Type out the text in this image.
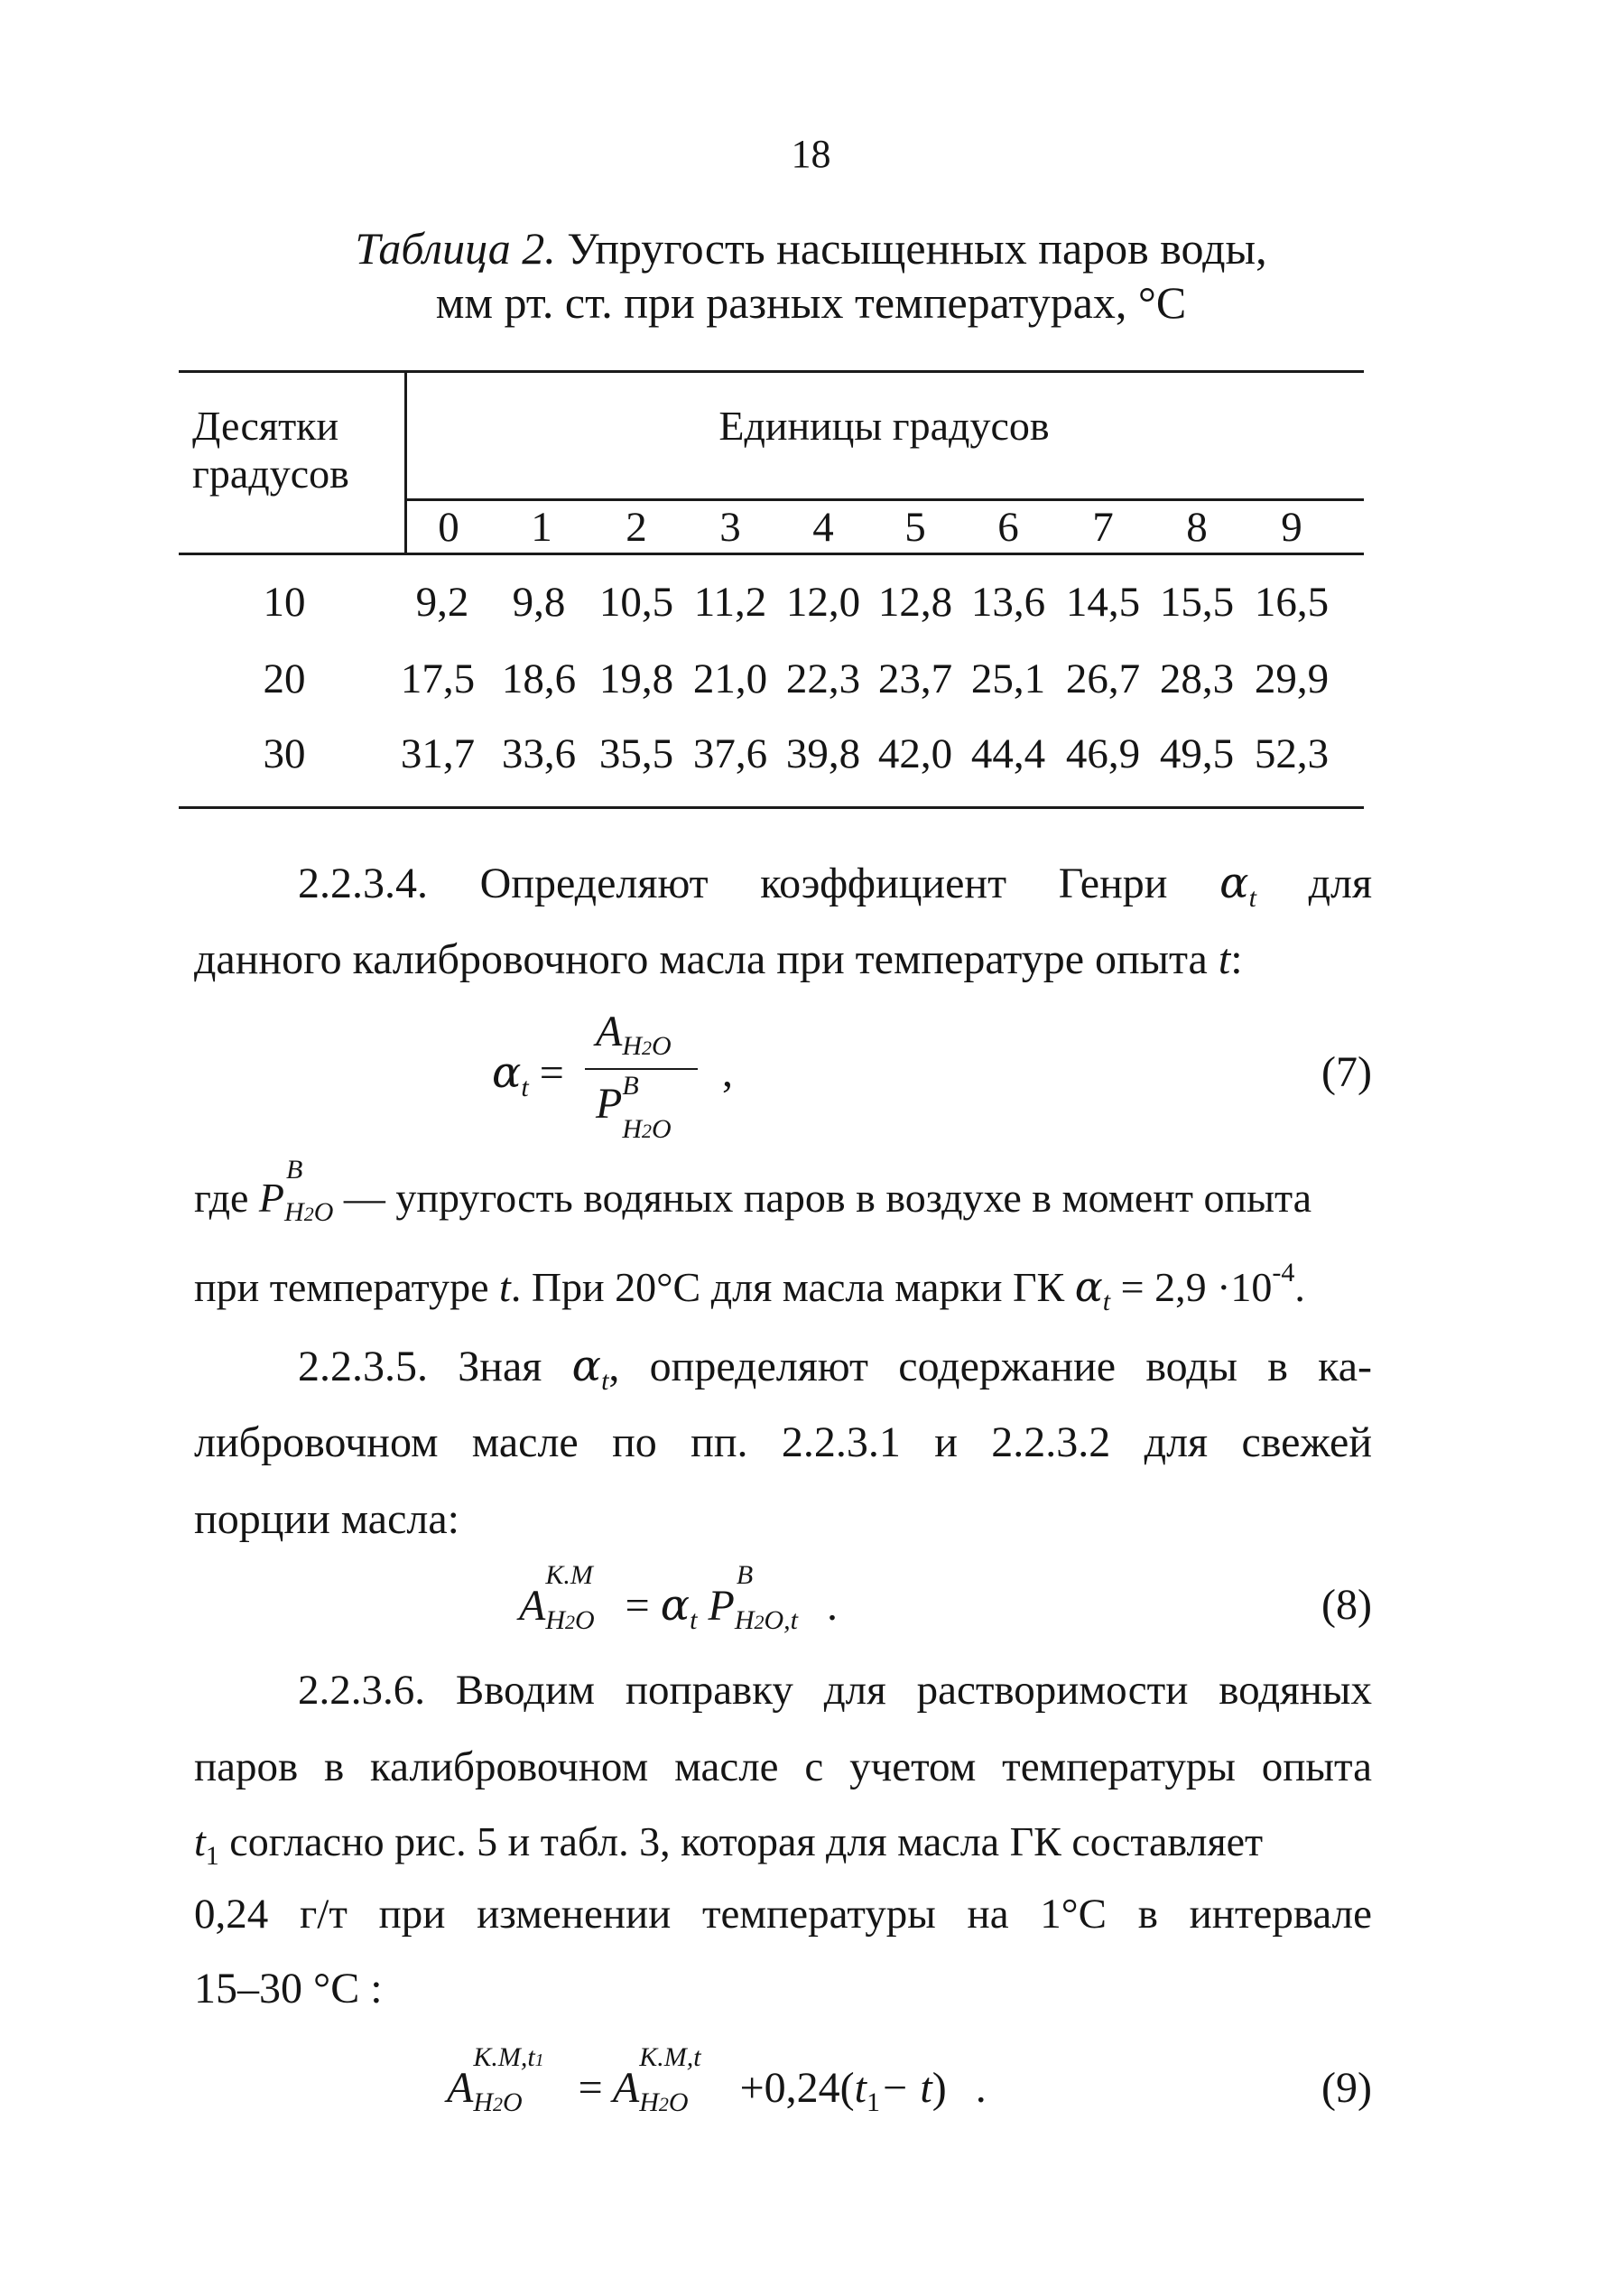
18
Таблица 2. Упругость насыщенных паров воды,
мм рт. ст. при разных температурах, °C
Десятки
градусов
Единицы градусов
0	1	2	3	4	5	6	7	8	9
10	9,2	9,8 10,5 11,2 12,0 12,8 13,6 14,5 15,5 16,5
20	17,5 18,6 19,8 21,0 22,3 23,7 25,1 26,7 28,3 29,9
30	31,7 33,6 35,5 37,6 39,8 42,0 44,4 46,9 49,5 52,3
2.2.3.4. Определяют коэффициент Генри $\alpha_t$ для
данного калибровочного масла при температуре опыта t:
$\alpha_t$ =
$A_{H2O}$
P B
$_{H2O}$
,	(7)
где P
B
$_{H2O}$ — упругость водяных паров в воздухе в момент опыта
при температуре t. При 20°С для масла марки ГК $\alpha_t = 2,9 \cdot 10^{-4}$.
2.2.3.5. Зная $\alpha_t$, определяют содержание воды в ка-
либровочном масле по пп. 2.2.3.1 и 2.2.3.2 для свежей
порции масла:
A
K.M
$_{H2O} = \alpha_t$ P
B
$_{H2O,t}$ .	(8)
2.2.3.6. Вводим поправку для растворимости водяных
паров в калибровочном масле с учетом температуры опыта
$t_1$ согласно рис. 5 и табл. 3, которая для масла ГК составляет
0,24 г/т при изменении температуры на 1°С в интервале
15–30 °С :
A
K.M,t1
$_{H2O}$ = A
K.M,t
$_{H2O} +0,24(t_1- t)$ .	(9)
